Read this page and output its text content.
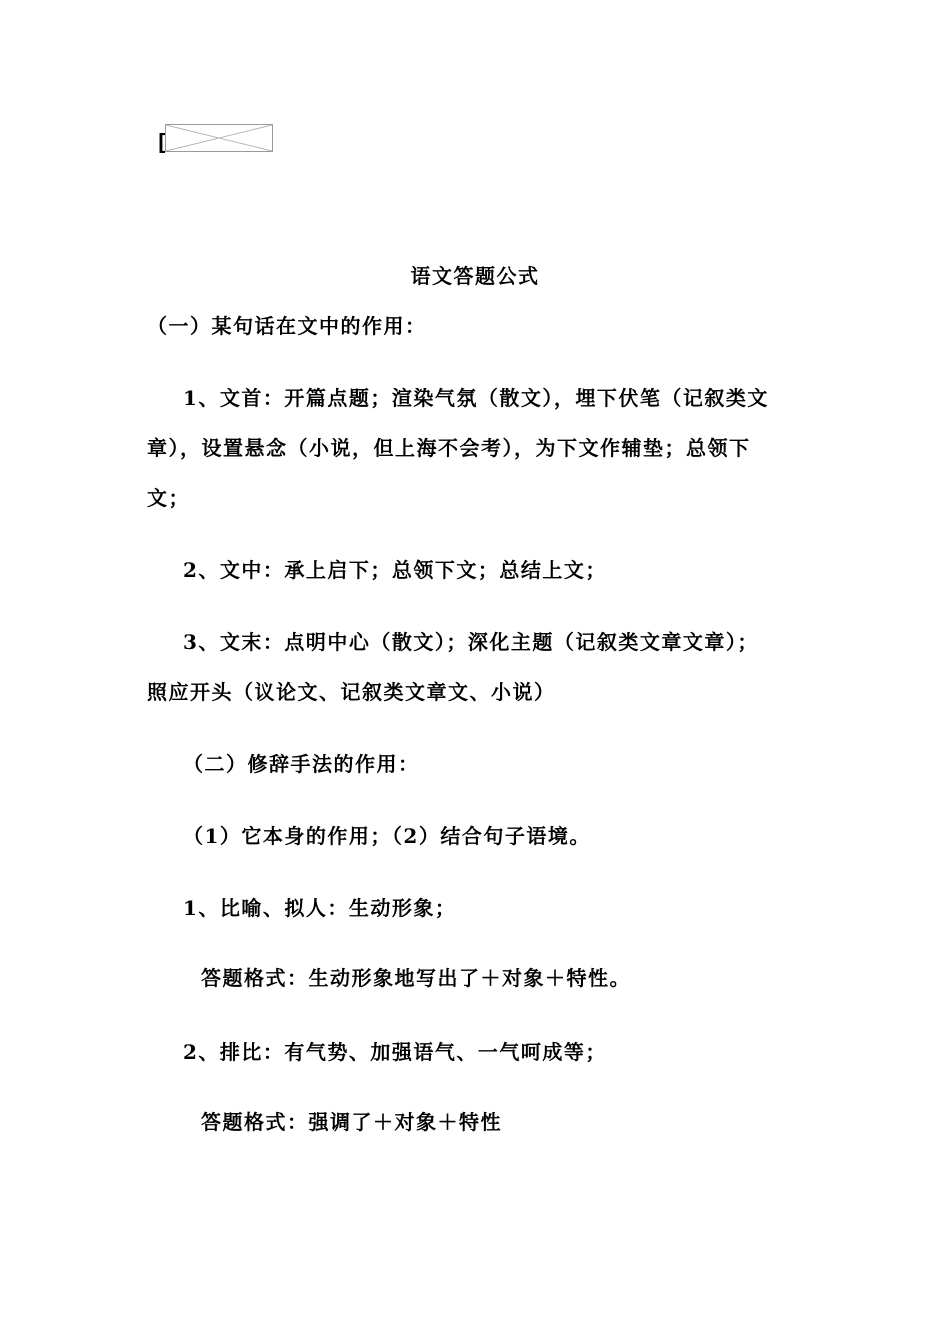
[
语文答题公式
（一）某句话在文中的作用：
1、文首：开篇点题；渲染气氛（散文），埋下伏笔（记叙类文
章），设置悬念（小说，但上海不会考），为下文作辅垫；总领下
文；
2、文中：承上启下；总领下文；总结上文；
3、文末：点明中心（散文）；深化主题（记叙类文章文章）；
照应开头（议论文、记叙类文章文、小说）
（二）修辞手法的作用：
（1）它本身的作用；（2）结合句子语境。
1、比喻、拟人：生动形象；
答题格式：生动形象地写出了＋对象＋特性。
2、排比：有气势、加强语气、一气呵成等；
答题格式：强调了＋对象＋特性
